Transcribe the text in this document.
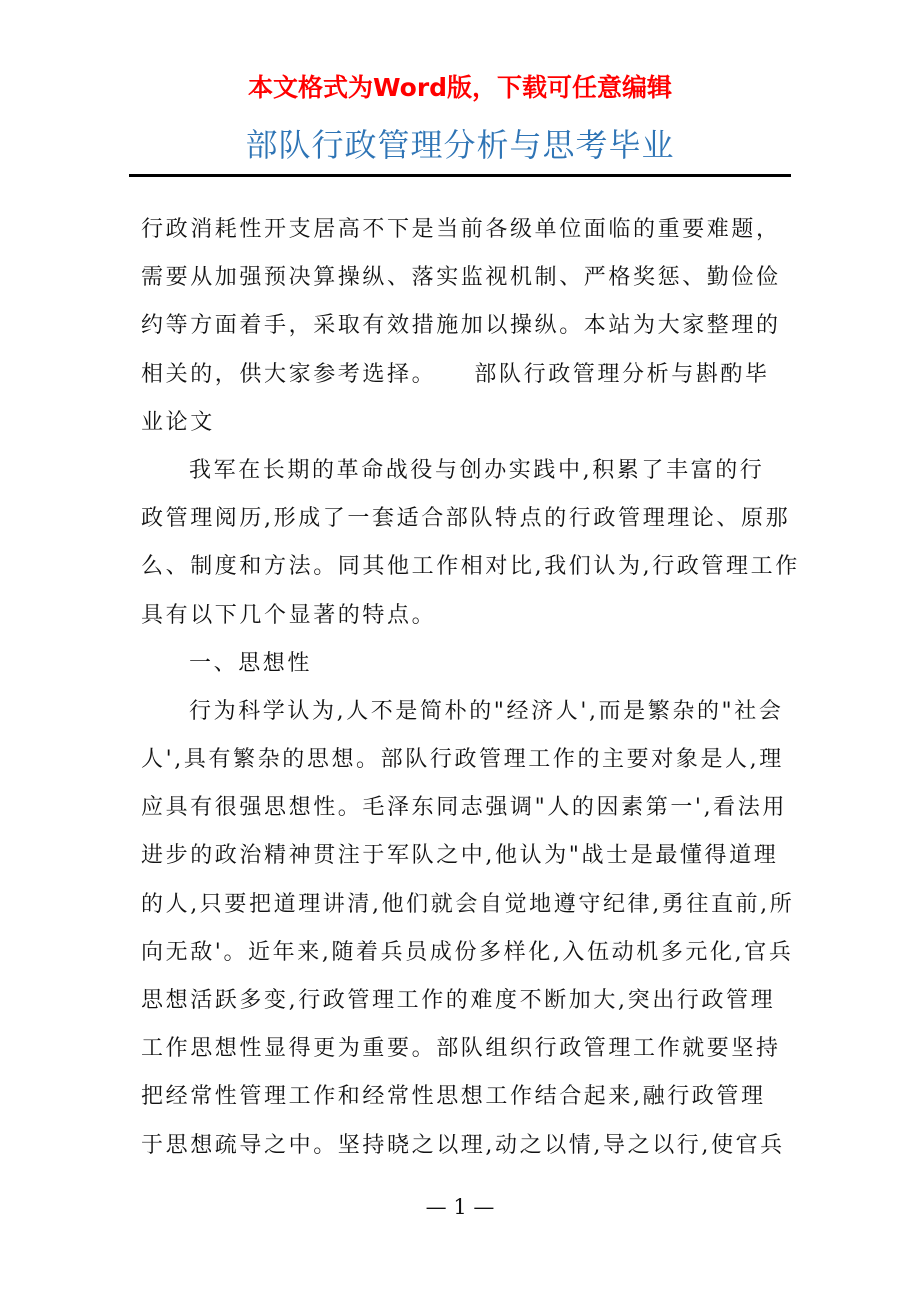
本文格式为Word版，下载可任意编辑
部队行政管理分析与思考毕业
行政消耗性开支居高不下是当前各级单位面临的重要难题，
需要从加强预决算操纵、落实监视机制、严格奖惩、勤俭俭
约等方面着手，采取有效措施加以操纵。本站为大家整理的
相关的，供大家参考选择。　　部队行政管理分析与斟酌毕
业论文
我军在长期的革命战役与创办实践中,积累了丰富的行
政管理阅历,形成了一套适合部队特点的行政管理理论、原那
么、制度和方法。同其他工作相对比,我们认为,行政管理工作
具有以下几个显著的特点。
一、思想性
行为科学认为,人不是简朴的"经济人',而是繁杂的"社会
人',具有繁杂的思想。部队行政管理工作的主要对象是人,理
应具有很强思想性。毛泽东同志强调"人的因素第一',看法用
进步的政治精神贯注于军队之中,他认为"战士是最懂得道理
的人,只要把道理讲清,他们就会自觉地遵守纪律,勇往直前,所
向无敌'。近年来,随着兵员成份多样化,入伍动机多元化,官兵
思想活跃多变,行政管理工作的难度不断加大,突出行政管理
工作思想性显得更为重要。部队组织行政管理工作就要坚持
把经常性管理工作和经常性思想工作结合起来,融行政管理
于思想疏导之中。坚持晓之以理,动之以情,导之以行,使官兵
— 1 —
